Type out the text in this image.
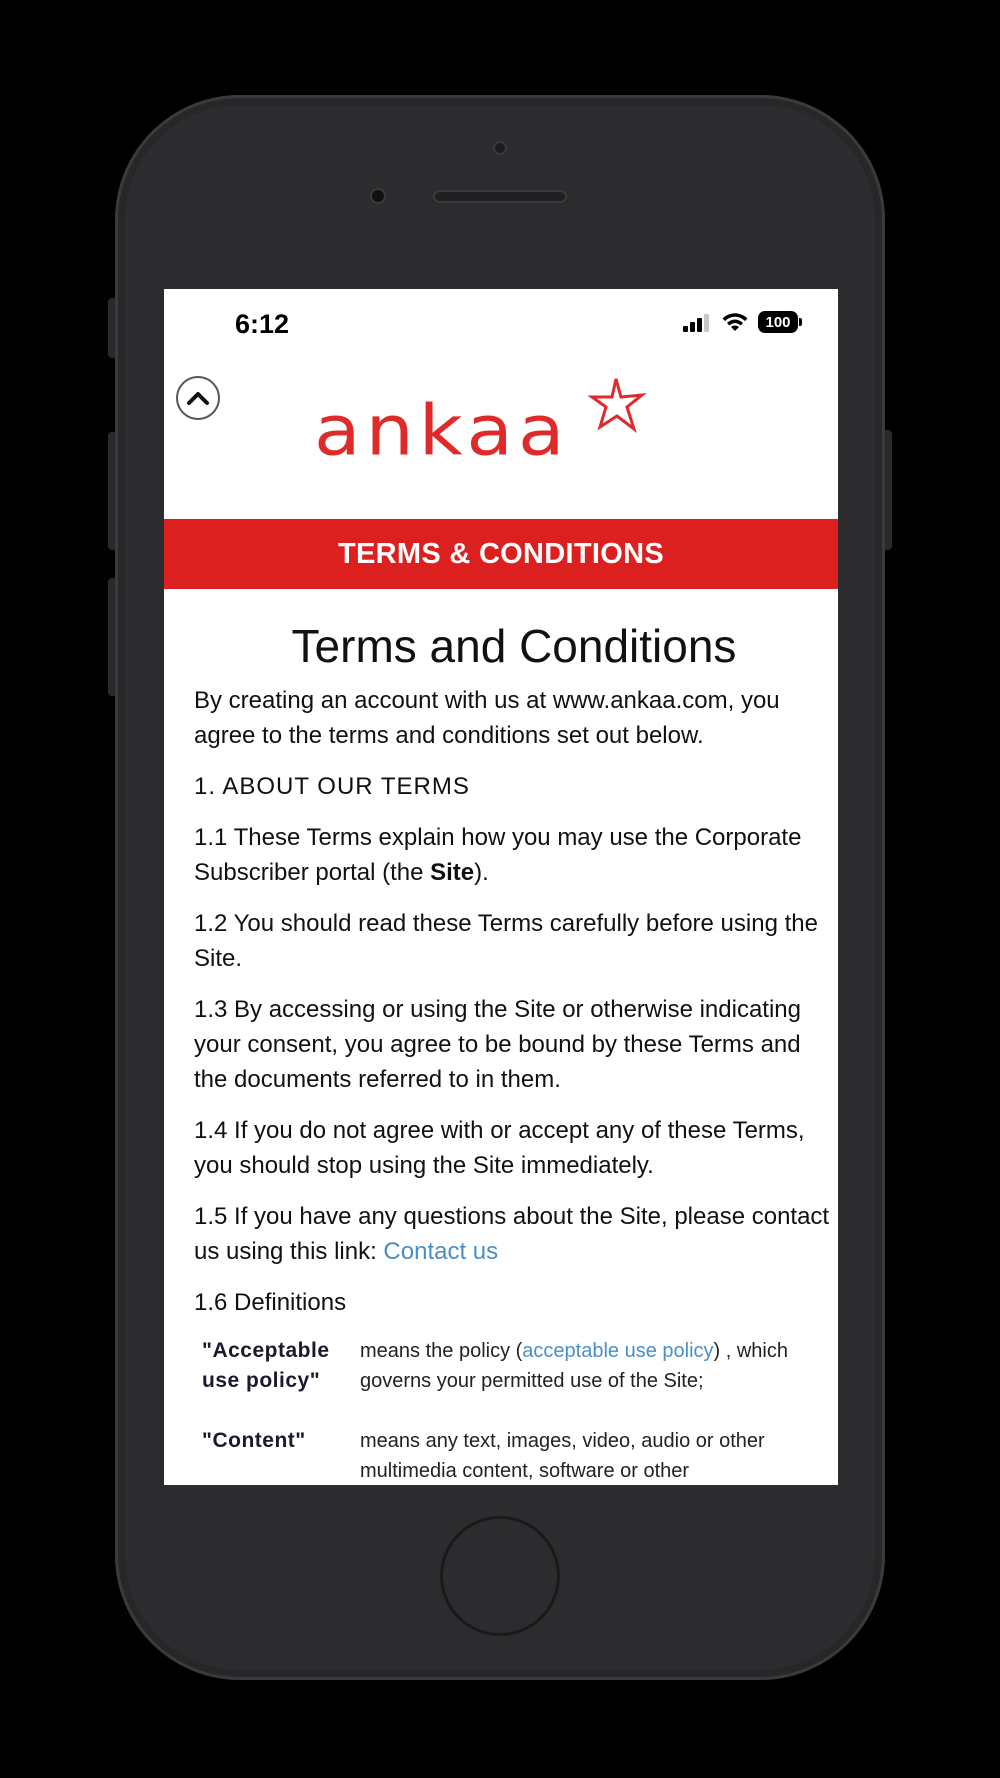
6:12	100
ankaa
TERMS & CONDITIONS
Terms and Conditions

By creating an account with us at www.ankaa.com, you agree to the terms and conditions set out below.

1. ABOUT OUR TERMS

1.1 These Terms explain how you may use the Corporate Subscriber portal (the Site).

1.2 You should read these Terms carefully before using the Site.

1.3 By accessing or using the Site or otherwise indicating your consent, you agree to be bound by these Terms and the documents referred to in them.

1.4 If you do not agree with or accept any of these Terms, you should stop using the Site immediately.

1.5 If you have any questions about the Site, please contact us using this link: Contact us

1.6 Definitions

"Acceptable use policy"
means the policy (acceptable use policy) , which governs your permitted use of the Site;
"Content"	means any text, images, video, audio or other multimedia content, software or other
